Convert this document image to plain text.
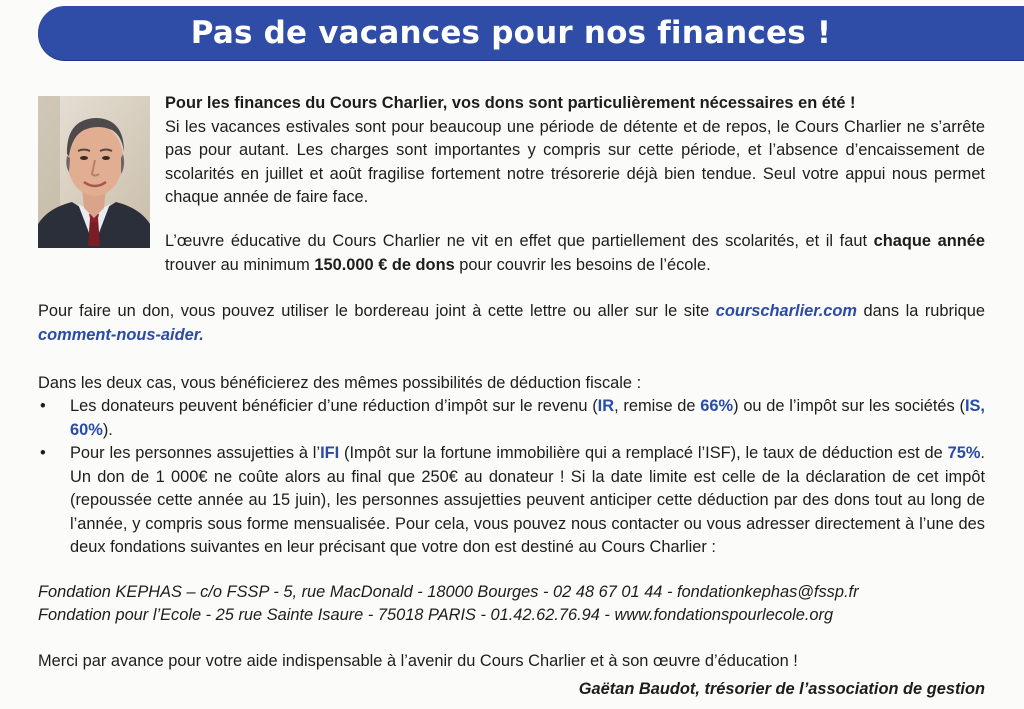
Pas de vacances pour nos finances !
Pour les finances du Cours Charlier, vos dons sont particulièrement nécessaires en été !
Si les vacances estivales sont pour beaucoup une période de détente et de repos, le Cours Charlier ne s’arrête pas pour autant. Les charges sont importantes y compris sur cette période, et l’absence d’encaissement de scolarités en juillet et août fragilise fortement notre trésorerie déjà bien tendue. Seul votre appui nous permet chaque année de faire face.
L’œuvre éducative du Cours Charlier ne vit en effet que partiellement des scolarités, et il faut chaque année trouver au minimum 150.000 € de dons pour couvrir les besoins de l’école.
Pour faire un don, vous pouvez utiliser le bordereau joint à cette lettre ou aller sur le site courscharlier.com dans la rubrique comment-nous-aider.
Dans les deux cas, vous bénéficierez des mêmes possibilités de déduction fiscale :
• Les donateurs peuvent bénéficier d’une réduction d’impôt sur le revenu (IR, remise de 66%) ou de l’impôt sur les sociétés (IS, 60%).
• Pour les personnes assujetties à l’IFI (Impôt sur la fortune immobilière qui a remplacé l’ISF), le taux de déduction est de 75%. Un don de 1 000€ ne coûte alors au final que 250€ au donateur ! Si la date limite est celle de la déclaration de cet impôt (repoussée cette année au 15 juin), les personnes assujetties peuvent anticiper cette déduction par des dons tout au long de l’année, y compris sous forme mensualisée. Pour cela, vous pouvez nous contacter ou vous adresser directement à l’une des deux fondations suivantes en leur précisant que votre don est destiné au Cours Charlier :
Fondation KEPHAS – c/o FSSP - 5, rue MacDonald - 18000 Bourges - 02 48 67 01 44 - fondationkephas@fssp.fr
Fondation pour l’Ecole - 25 rue Sainte Isaure - 75018 PARIS - 01.42.62.76.94 - www.fondationspourlecole.org
Merci par avance pour votre aide indispensable à l’avenir du Cours Charlier et à son œuvre d’éducation !
Gaëtan Baudot, trésorier de l’association de gestion
